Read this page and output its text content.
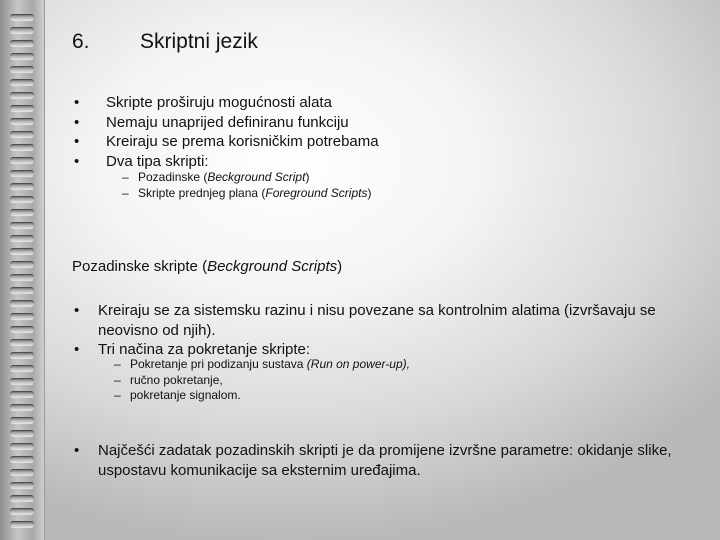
6. Skriptni jezik
• Skripte proširuju mogućnosti alata
• Nemaju unaprijed definiranu funkciju
• Kreiraju se prema korisničkim potrebama
• Dva tipa skripti:
– Pozadinske (Beckground Script)
– Skripte prednjeg plana (Foreground Scripts)
Pozadinske skripte (Beckground Scripts)
• Kreiraju se za sistemsku razinu i nisu povezane sa kontrolnim alatima (izvršavaju se neovisno od njih).
• Tri načina za pokretanje skripte:
– Pokretanje pri podizanju sustava (Run on power-up),
– ručno pokretanje,
– pokretanje signalom.
• Najčešći zadatak pozadinskih skripti je da promijene izvršne parametre: okidanje slike, uspostavu komunikacije sa eksternim uređajima.
